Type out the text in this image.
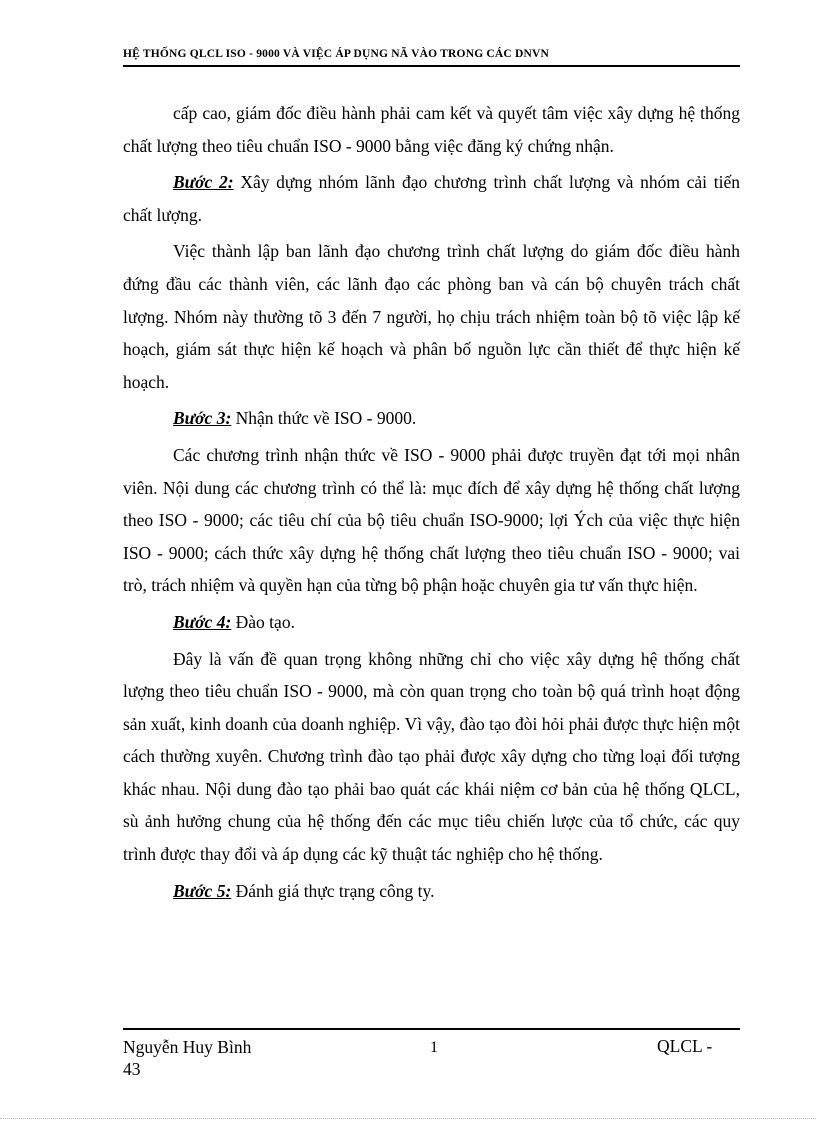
HỆ THỐNG QLCL ISO - 9000 VÀ VIỆC ÁP DỤNG NÃ VÀO TRONG CÁC DNVN

cấp cao, giám đốc điều hành phải cam kết và quyết tâm việc xây dựng hệ thống chất lượng theo tiêu chuẩn ISO - 9000 bằng việc đăng ký chứng nhận.

Bước 2: Xây dựng nhóm lãnh đạo chương trình chất lượng và nhóm cải tiến chất lượng.

Việc thành lập ban lãnh đạo chương trình chất lượng do giám đốc điều hành đứng đầu các thành viên, các lãnh đạo các phòng ban và cán bộ chuyên trách chất lượng. Nhóm này thường tõ 3 đến 7 người, họ chịu trách nhiệm toàn bộ tõ việc lập kế hoạch, giám sát thực hiện kế hoạch và phân bố nguồn lực cần thiết để thực hiện kế hoạch.

Bước 3: Nhận thức về ISO - 9000.

Các chương trình nhận thức về ISO - 9000 phải được truyền đạt tới mọi nhân viên. Nội dung các chương trình có thể là: mục đích để xây dựng hệ thống chất lượng theo ISO - 9000; các tiêu chí của bộ tiêu chuẩn ISO-9000; lợi Ých của việc thực hiện ISO - 9000; cách thức xây dựng hệ thống chất lượng theo tiêu chuẩn ISO - 9000; vai trò, trách nhiệm và quyền hạn của từng bộ phận hoặc chuyên gia tư vấn thực hiện.

Bước 4: Đào tạo.

Đây là vấn đề quan trọng không những chỉ cho việc xây dựng hệ thống chất lượng theo tiêu chuẩn ISO - 9000, mà còn quan trọng cho toàn bộ quá trình hoạt động sản xuất, kinh doanh của doanh nghiệp. Vì vậy, đào tạo đòi hỏi phải được thực hiện một cách thường xuyên. Chương trình đào tạo phải được xây dựng cho từng loại đối tượng khác nhau. Nội dung đào tạo phải bao quát các khái niệm cơ bản của hệ thống QLCL, sù ảnh hưởng chung của hệ thống đến các mục tiêu chiến lược của tổ chức, các quy trình được thay đổi và áp dụng các kỹ thuật tác nghiệp cho hệ thống.

Bước 5: Đánh giá thực trạng công ty.

Nguyễn Huy Bình
43
1	QLCL -
